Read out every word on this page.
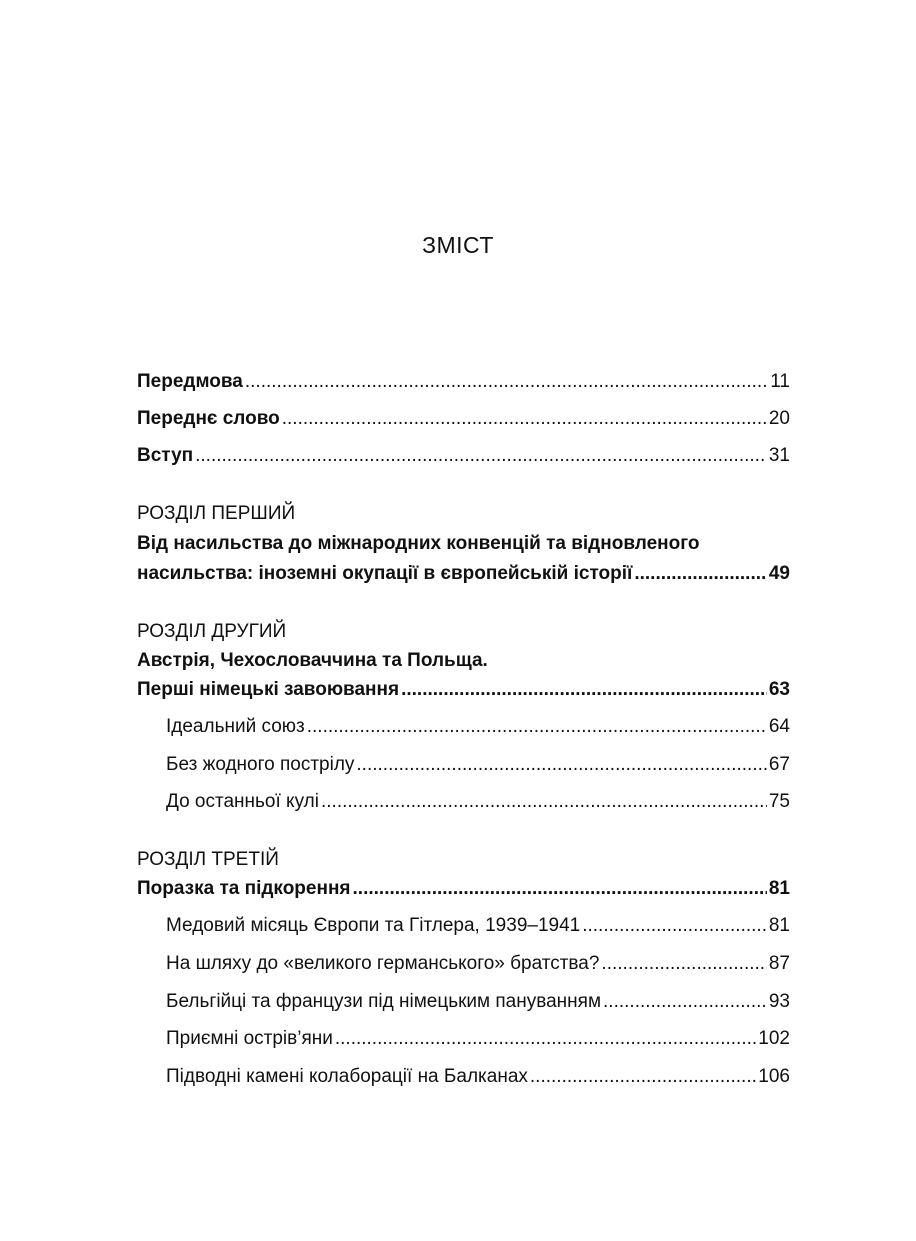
ЗМІСТ
Передмова .....	11
Переднє слово .....	20
Вступ .....	31
РОЗДІЛ ПЕРШИЙ
Від насильства до міжнародних конвенцій та відновленого
насильства: іноземні окупації в європейській історії .....	49
РОЗДІЛ ДРУГИЙ
Австрія, Чехословаччина та Польща.
Перші німецькі завоювання .....	63
Ідеальний союз .....	64
Без жодного пострілу .....	67
До останньої кулі .....	75
РОЗДІЛ ТРЕТІЙ
Поразка та підкорення .....	81
Медовий місяць Європи та Гітлера, 1939–1941 .....	81
На шляху до «великого германського» братства? .....	87
Бельгійці та французи під німецьким пануванням .....	93
Приємні острів’яни .....	102
Підводні камені колаборації на Балканах .....	106
